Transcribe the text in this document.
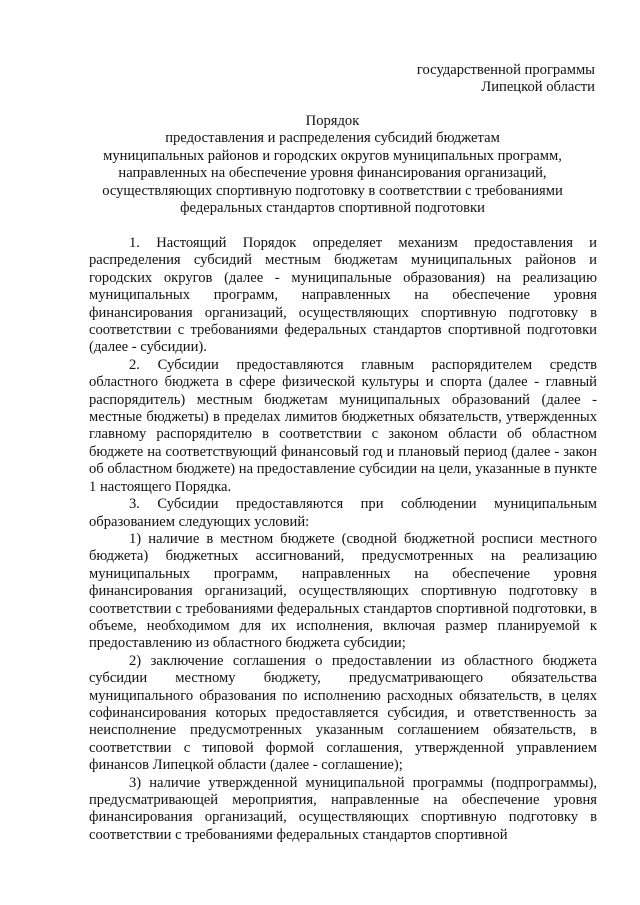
государственной программы
Липецкой области
Порядок
предоставления и распределения субсидий бюджетам
муниципальных районов и городских округов муниципальных программ,
направленных на обеспечение уровня финансирования организаций,
осуществляющих спортивную подготовку в соответствии с требованиями
федеральных стандартов спортивной подготовки

1. Настоящий Порядок определяет механизм предоставления и распределения субсидий местным бюджетам муниципальных районов и городских округов (далее - муниципальные образования) на реализацию муниципальных программ, направленных на обеспечение уровня финансирования организаций, осуществляющих спортивную подготовку в соответствии с требованиями федеральных стандартов спортивной подготовки (далее - субсидии).

2. Субсидии предоставляются главным распорядителем средств областного бюджета в сфере физической культуры и спорта (далее - главный распорядитель) местным бюджетам муниципальных образований (далее - местные бюджеты) в пределах лимитов бюджетных обязательств, утвержденных главному распорядителю в соответствии с законом области об областном бюджете на соответствующий финансовый год и плановый период (далее - закон об областном бюджете) на предоставление субсидии на цели, указанные в пункте 1 настоящего Порядка.

3. Субсидии предоставляются при соблюдении муниципальным образованием следующих условий:

1) наличие в местном бюджете (сводной бюджетной росписи местного бюджета) бюджетных ассигнований, предусмотренных на реализацию муниципальных программ, направленных на обеспечение уровня финансирования организаций, осуществляющих спортивную подготовку в соответствии с требованиями федеральных стандартов спортивной подготовки, в объеме, необходимом для их исполнения, включая размер планируемой к предоставлению из областного бюджета субсидии;

2) заключение соглашения о предоставлении из областного бюджета субсидии местному бюджету, предусматривающего обязательства муниципального образования по исполнению расходных обязательств, в целях софинансирования которых предоставляется субсидия, и ответственность за неисполнение предусмотренных указанным соглашением обязательств, в соответствии с типовой формой соглашения, утвержденной управлением финансов Липецкой области (далее - соглашение);

3) наличие утвержденной муниципальной программы (подпрограммы), предусматривающей мероприятия, направленные на обеспечение уровня финансирования организаций, осуществляющих спортивную подготовку в соответствии с требованиями федеральных стандартов спортивной
